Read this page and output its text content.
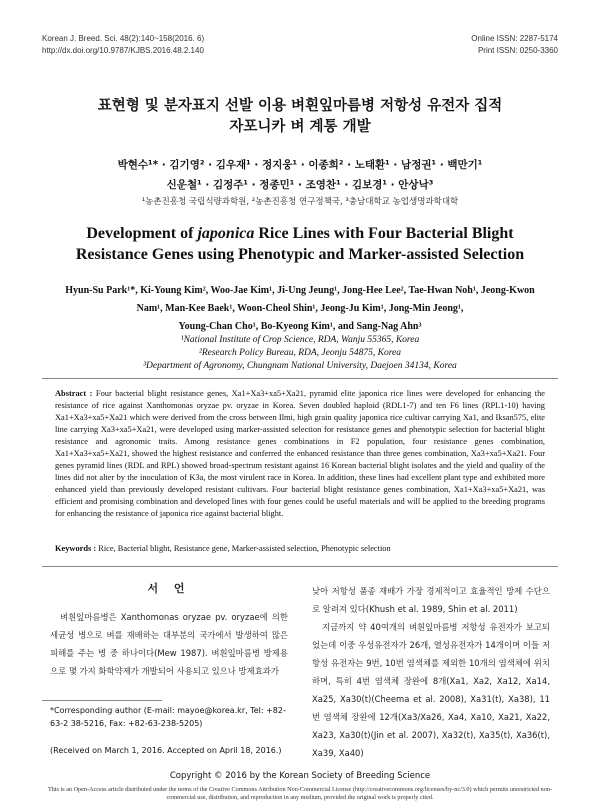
Korean J. Breed. Sci. 48(2):140~158(2016. 6)
http://dx.doi.org/10.9787/KJBS.2016.48.2.140
Online ISSN: 2287-5174
Print ISSN: 0250-3360
표현형 및 분자표지 선발 이용 벼흰잎마름병 저항성 유전자 집적
자포니카 벼 계통 개발
박현수¹* · 김기영² · 김우재¹ · 정지웅¹ · 이종희² · 노태환¹ · 남정권¹ · 백만기¹
신운철¹ · 김정주¹ · 정종민¹ · 조영찬¹ · 김보경¹ · 안상낙³
¹농촌진흥청 국립식량과학원, ²농촌진흥청 연구정책국, ³충남대학교 농업생명과학대학
Development of japonica Rice Lines with Four Bacterial Blight
Resistance Genes using Phenotypic and Marker-assisted Selection
Hyun-Su Park¹*, Ki-Young Kim², Woo-Jae Kim¹, Ji-Ung Jeung¹, Jong-Hee Lee², Tae-Hwan Noh¹, Jeong-Kwon
Nam¹, Man-Kee Baek¹, Woon-Cheol Shin¹, Jeong-Ju Kim¹, Jong-Min Jeong¹,
Young-Chan Cho¹, Bo-Kyeong Kim¹, and Sang-Nag Ahn³
¹National Institute of Crop Science, RDA, Wanju 55365, Korea
²Research Policy Bureau, RDA, Jeonju 54875, Korea
³Department of Agronomy, Chungnam National University, Daejoen 34134, Korea
Abstract : Four bacterial blight resistance genes, Xa1+Xa3+xa5+Xa21, pyramid elite japonica rice lines were developed for enhancing the resistance of rice against Xanthomonas oryzae pv. oryzae in Korea. Seven doubled haploid (RDL1-7) and ten F6 lines (RPL1-10) having Xa1+Xa3+xa5+Xa21 which were derived from the cross between Ilmi, high grain quality japonica rice cultivar carrying Xa1, and Iksan575, elite line carrying Xa3+xa5+Xa21, were developed using marker-assisted selection for resistance genes and phenotypic selection for bacterial blight resistance and agronomic traits. Among resistance genes combinations in F2 population, four resistance genes combination, Xa1+Xa3+xa5+Xa21, showed the highest resistance and conferred the enhanced resistance than three genes combination, Xa3+xa5+Xa21. Four genes pyramid lines (RDL and RPL) showed broad-spectrum resistant against 16 Korean bacterial blight isolates and the yield and quality of the lines did not alter by the inoculation of K3a, the most virulent race in Korea. In addition, these lines had excellent plant type and exhibited more enhanced yield than previously developed resistant cultivars. Four bacterial blight resistance genes combination, Xa1+Xa3+xa5+Xa21, was efficient and promising combination and developed lines with four genes could be useful materials and will be applied to the breeding programs for enhancing the resistance of japonica rice against bacterial blight.
Keywords : Rice, Bacterial blight, Resistance gene, Marker-assisted selection, Phenotypic selection
서 언

벼흰잎마름병은 Xanthomonas oryzae pv. oryzae에 의한 세균성 병으로 벼를 재배하는 대부분의 국가에서 발생하여 많은 피해를 주는 병 중 하나이다(Mew 1987). 벼흰잎마름병 방제용으로 몇 가지 화학약제가 개발되어 사용되고 있으나 방제효과가

낮아 저항성 품종 재배가 가장 경제적이고 효율적인 방제 수단으로 알려져 있다(Khush et al. 1989, Shin et al. 2011)

지금까지 약 40여개의 벼흰잎마름병 저항성 유전자가 보고되었는데 이중 우성유전자가 26개, 열성유전자가 14개이며 이들 저항성 유전자는 9번, 10번 염색체를 제외한 10개의 염색체에 위치하며, 특히 4번 염색체 장완에 8개(Xa1, Xa2, Xa12, Xa14, Xa25, Xa30(t)(Cheema et al. 2008), Xa31(t), Xa38), 11번 염색체 장완에 12개(Xa3/Xa26, Xa4, Xa10, Xa21, Xa22, Xa23, Xa30(t)(Jin et al. 2007), Xa32(t), Xa35(t), Xa36(t), Xa39, Xa40)

*Corresponding author (E-mail: mayoe@korea.kr, Tel: +82- 63-2 38-5216, Fax: +82-63-238-5205)
(Received on March 1, 2016. Accepted on April 18, 2016.)
Copyright © 2016 by the Korean Society of Breeding Science
This is an Open-Access article distributed under the terms of the Creative Commons Attribution Non-Commercial License (http://creativecommons.org/licenses/by-nc/3.0) which permits unrestricted non-commercial use, distribution, and reproduction in any medium, provided the original work is properly cited.
